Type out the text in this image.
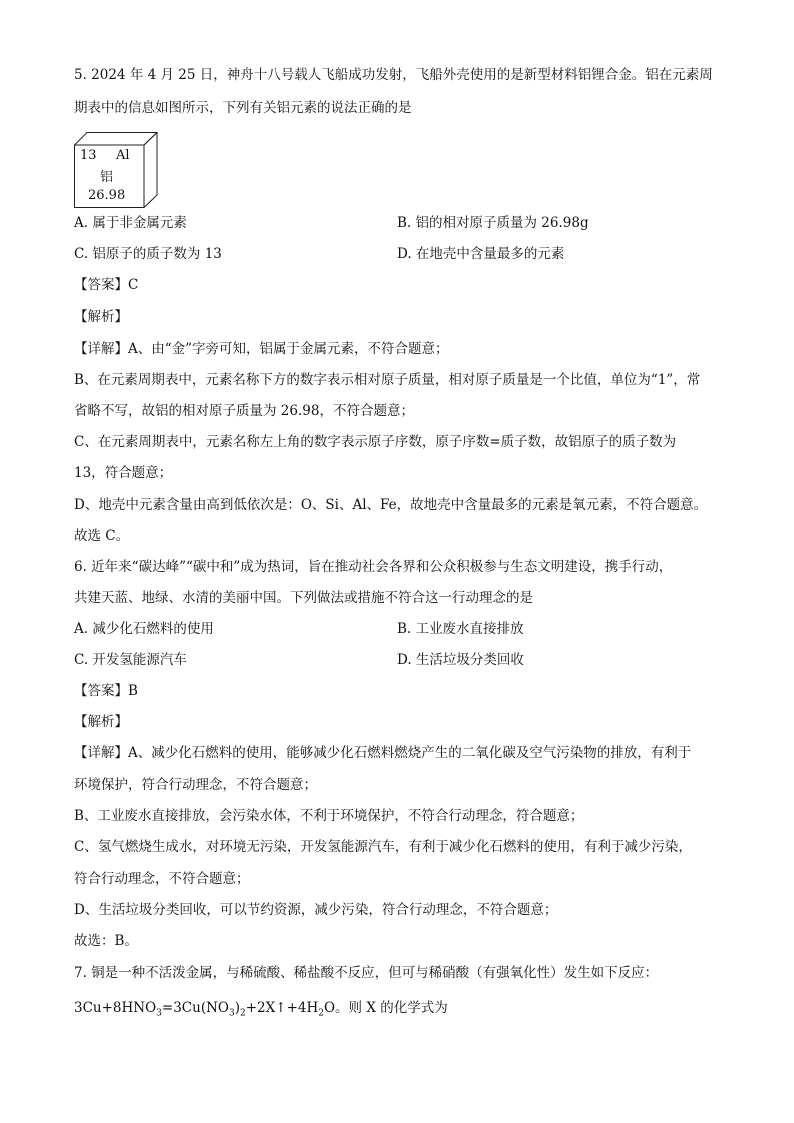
5. 2024 年 4 月 25 日，神舟十八号载人飞船成功发射，飞船外壳使用的是新型材料铝锂合金。铝在元素周
期表中的信息如图所示，下列有关铝元素的说法正确的是
13 Al
铝
26.98
A. 属于非金属元素	B. 铝的相对原子质量为 26.98g
C. 铝原子的质子数为 13	D. 在地壳中含量最多的元素
【答案】C
【解析】
【详解】A、由“金”字旁可知，铝属于金属元素，不符合题意；
B、在元素周期表中，元素名称下方的数字表示相对原子质量，相对原子质量是一个比值，单位为“1”，常
省略不写，故铝的相对原子质量为 26.98，不符合题意；
C、在元素周期表中，元素名称左上角的数字表示原子序数，原子序数=质子数，故铝原子的质子数为
13，符合题意；
D、地壳中元素含量由高到低依次是：O、Si、Al、Fe，故地壳中含量最多的元素是氧元素，不符合题意。
故选 C。
6. 近年来“碳达峰”“碳中和”成为热词，旨在推动社会各界和公众积极参与生态文明建设，携手行动，
共建天蓝、地绿、水清的美丽中国。下列做法或措施不符合这一行动理念的是
A. 减少化石燃料的使用	B. 工业废水直接排放
C. 开发氢能源汽车	D. 生活垃圾分类回收
【答案】B
【解析】
【详解】A、减少化石燃料的使用，能够减少化石燃料燃烧产生的二氧化碳及空气污染物的排放，有利于
环境保护，符合行动理念，不符合题意；
B、工业废水直接排放，会污染水体，不利于环境保护，不符合行动理念，符合题意；
C、氢气燃烧生成水，对环境无污染，开发氢能源汽车，有利于减少化石燃料的使用，有利于减少污染，
符合行动理念，不符合题意；
D、生活垃圾分类回收，可以节约资源，减少污染，符合行动理念，不符合题意；
故选：B。
7. 铜是一种不活泼金属，与稀硫酸、稀盐酸不反应，但可与稀硝酸（有强氧化性）发生如下反应：
$3Cu+8HNO_3=3Cu(NO_3)_2+2X↑+4H_2O$。则 X 的化学式为
